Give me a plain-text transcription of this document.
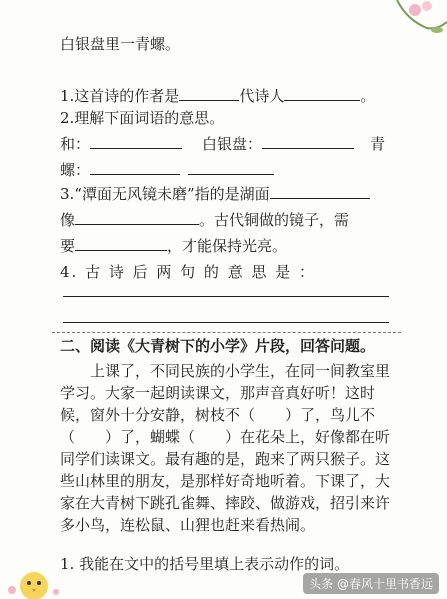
白银盘里一青螺。
1.这首诗的作者是	代诗人	。
2.理解下面词语的意思。
和：	白银盘：	青
螺：
3.“潭面无风镜未磨”指的是湖面
像	。古代铜做的镜子，需
要	，才能保持光亮。
4. 古 诗 后 两 句 的 意 思 是 ：
二、阅读《大青树下的小学》片段，回答问题。
上课了，不同民族的小学生，在同一间教室里学习。大家一起朗读课文，那声音真好听！这时候，窗外十分安静，树枝不（　　）了，鸟儿不（　　）了，蝴蝶（　　）在花朵上，好像都在听同学们读课文。最有趣的是，跑来了两只猴子。这些山林里的朋友，是那样好奇地听着。下课了，大家在大青树下跳孔雀舞、摔跤、做游戏，招引来许多小鸟，连松鼠、山狸也赶来看热闹。
1. 我能在文中的括号里填上表示动作的词。
头条 @春风十里书香远
